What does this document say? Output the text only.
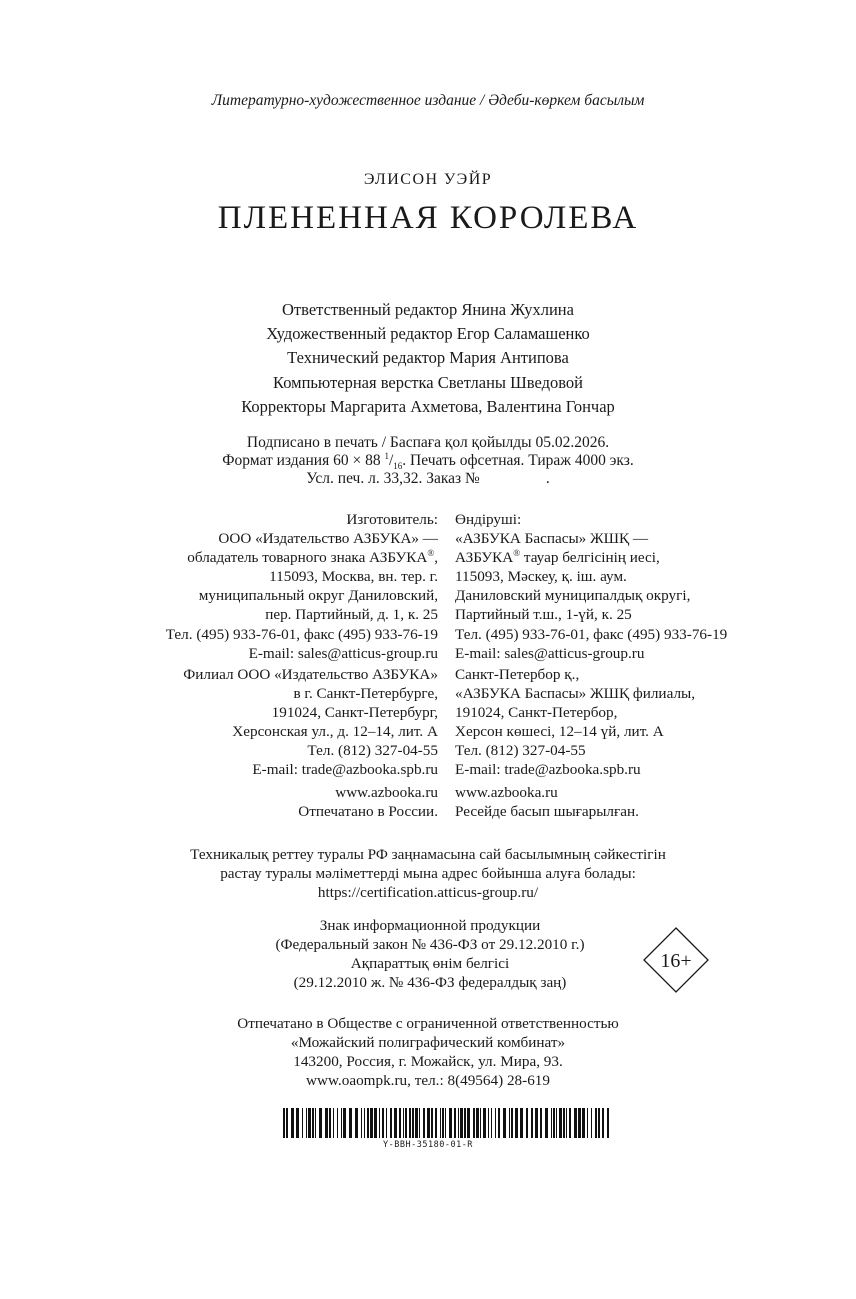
Литературно-художественное издание / Әдеби-көркем басылым
ЭЛИСОН УЭЙР
ПЛЕНЕННАЯ КОРОЛЕВА
Ответственный редактор Янина Жухлина
Художественный редактор Егор Саламашенко
Технический редактор Мария Антипова
Компьютерная верстка Светланы Шведовой
Корректоры Маргарита Ахметова, Валентина Гончар
Подписано в печать / Баспаға қол қойылды 05.02.2026.
Формат издания 60 × 88 $^1/_{16}$. Печать офсетная. Тираж 4000 экз.
Усл. печ. л. 33,32. Заказ №	.
Изготовитель:
ООО «Издательство АЗБУКА» —
обладатель товарного знака АЗБУКА®,
115093, Москва, вн. тер. г.
муниципальный округ Даниловский,
пер. Партийный, д. 1, к. 25
Тел. (495) 933-76-01, факс (495) 933-76-19
E-mail: sales@atticus-group.ru
Өндіруші:
«АЗБУКА Баспасы» ЖШҚ —
АЗБУКА® тауар белгісінің иесі,
115093, Мәскеу, қ. іш. аум.
Даниловский муниципалдық округі,
Партийный т.ш., 1-үй, к. 25
Тел. (495) 933-76-01, факс (495) 933-76-19
E-mail: sales@atticus-group.ru
Филиал ООО «Издательство АЗБУКА»
в г. Санкт-Петербурге,
191024, Санкт-Петербург,
Херсонская ул., д. 12–14, лит. А
Тел. (812) 327-04-55
E-mail: trade@azbooka.spb.ru
Санкт-Петербор қ.,
«АЗБУКА Баспасы» ЖШҚ филиалы,
191024, Санкт-Петербор,
Херсон көшесі, 12–14 үй, лит. А
Тел. (812) 327-04-55
E-mail: trade@azbooka.spb.ru
www.azbooka.ru
Отпечатано в России.
www.azbooka.ru
Ресейде басып шығарылған.
Техникалық реттеу туралы РФ заңнамасына сай басылымның сәйкестігін
растау туралы мәліметтерді мына адрес бойынша алуға болады:
https://certification.atticus-group.ru/
Знак информационной продукции
(Федеральный закон № 436-ФЗ от 29.12.2010 г.)
Ақпараттық өнім белгісі
(29.12.2010 ж. № 436-ФЗ федералдық заң)
16+
Отпечатано в Обществе с ограниченной ответственностью
«Можайский полиграфический комбинат»
143200, Россия, г. Можайск, ул. Мира, 93.
www.oaompk.ru, тел.: 8(49564) 28-619
Y-BBH-35180-01-R
